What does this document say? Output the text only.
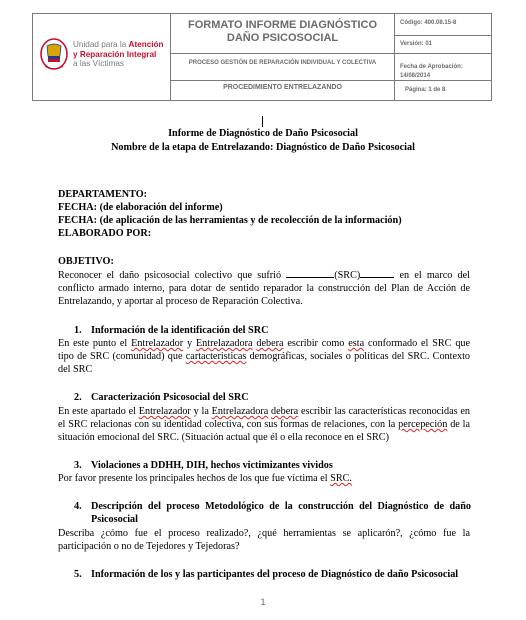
Unidad para la Atención
y Reparación Integral
a las Víctimas
FORMATO INFORME DIAGNÓSTICO
DAÑO PSICOSOCIAL
PROCESO GESTIÓN DE REPARACIÓN INDIVIDUAL Y COLECTIVA
PROCEDIMIENTO ENTRELAZANDO
Código: 400.08.15-8
Versión: 01
Fecha de Aprobación: 14/08/2014
Página: 1 de 8
Informe de Diagnóstico de Daño Psicosocial
Nombre de la etapa de Entrelazando: Diagnóstico de Daño Psicosocial
DEPARTAMENTO:
FECHA: (de elaboración del informe)
FECHA: (de aplicación de las herramientas y de recolección de la información)
ELABORADO POR:
OBJETIVO:
Reconocer el daño psicosocial colectivo que sufrió	(SRC)	en el marco del conflicto armado interno, para dotar de sentido reparador la construcción del Plan de Acción de Entrelazando, y aportar al proceso de Reparación Colectiva.
1. Información de la identificación del SRC
En este punto el Entrelazador y Entrelazadora debera escribir como esta conformado el SRC que tipo de SRC (comunidad) que cartacteristicas demográficas, sociales o políticas del SRC. Contexto del SRC
2. Caracterización Psicosocial del SRC
En este apartado el Entrelazador y la Entrelazadora debera escribir las características reconocidas en el SRC relacionas con su identidad colectiva, con sus formas de relaciones, con la percepeción de la situación emocional del SRC. (Situación actual que él o ella reconoce en el SRC)
3. Violaciones a DDHH, DIH, hechos victimizantes vividos
Por favor presente los principales hechos de los que fue víctima el SRC.
4. Descripción del proceso Metodológico de la construcción del Diagnóstico de daño Psicosocial
Describa ¿cómo fue el proceso realizado?, ¿qué herramientas se aplicarón?, ¿cómo fue la participación o no de Tejedores y Tejedoras?
5. Información de los y las participantes del proceso de Diagnóstico de daño Psicosocial
1
